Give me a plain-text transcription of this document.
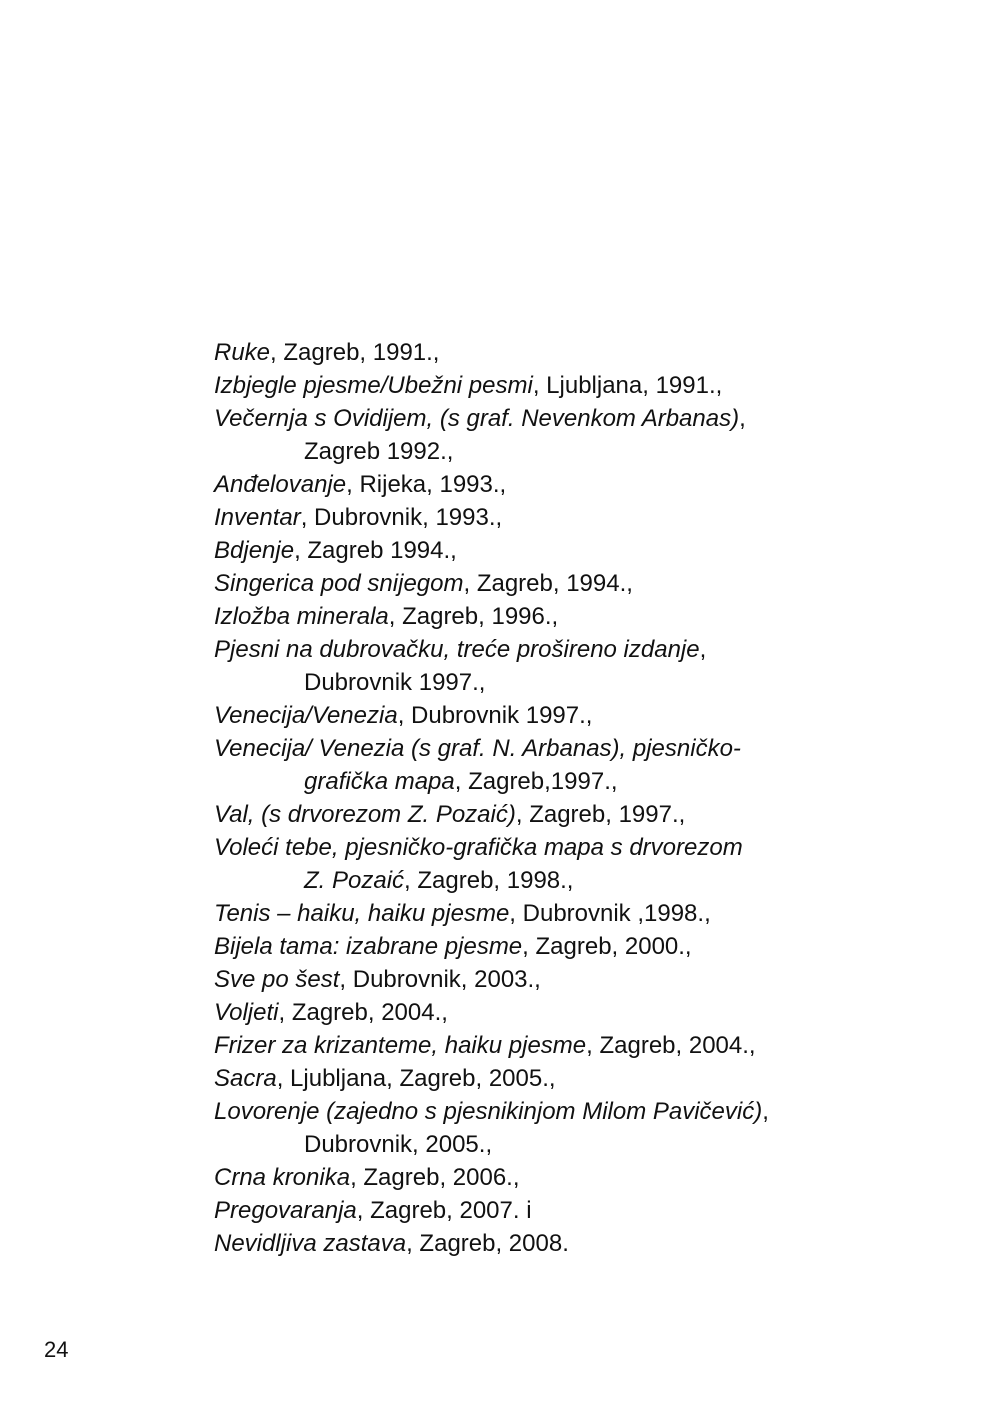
Ruke, Zagreb, 1991.,
Izbjegle pjesme/Ubežni pesmi, Ljubljana, 1991.,
Večernja s Ovidijem, (s graf. Nevenkom Arbanas),
Zagreb 1992.,
Anđelovanje, Rijeka, 1993.,
Inventar, Dubrovnik, 1993.,
Bdjenje, Zagreb 1994.,
Singerica pod snijegom, Zagreb, 1994.,
Izložba minerala, Zagreb, 1996.,
Pjesni na dubrovačku, treće prošireno izdanje,
Dubrovnik 1997.,
Venecija/Venezia, Dubrovnik 1997.,
Venecija/ Venezia (s graf. N. Arbanas), pjesničko-
grafička mapa, Zagreb,1997.,
Val, (s drvorezom Z. Pozaić), Zagreb, 1997.,
Voleći tebe, pjesničko-grafička mapa s drvorezom
Z. Pozaić, Zagreb, 1998.,
Tenis – haiku, haiku pjesme, Dubrovnik ,1998.,
Bijela tama: izabrane pjesme, Zagreb, 2000.,
Sve po šest, Dubrovnik, 2003.,
Voljeti, Zagreb, 2004.,
Frizer za krizanteme, haiku pjesme, Zagreb, 2004.,
Sacra, Ljubljana, Zagreb, 2005.,
Lovorenje (zajedno s pjesnikinjom Milom Pavičević),
Dubrovnik, 2005.,
Crna kronika, Zagreb, 2006.,
Pregovaranja, Zagreb, 2007. i
Nevidljiva zastava, Zagreb, 2008.
24
